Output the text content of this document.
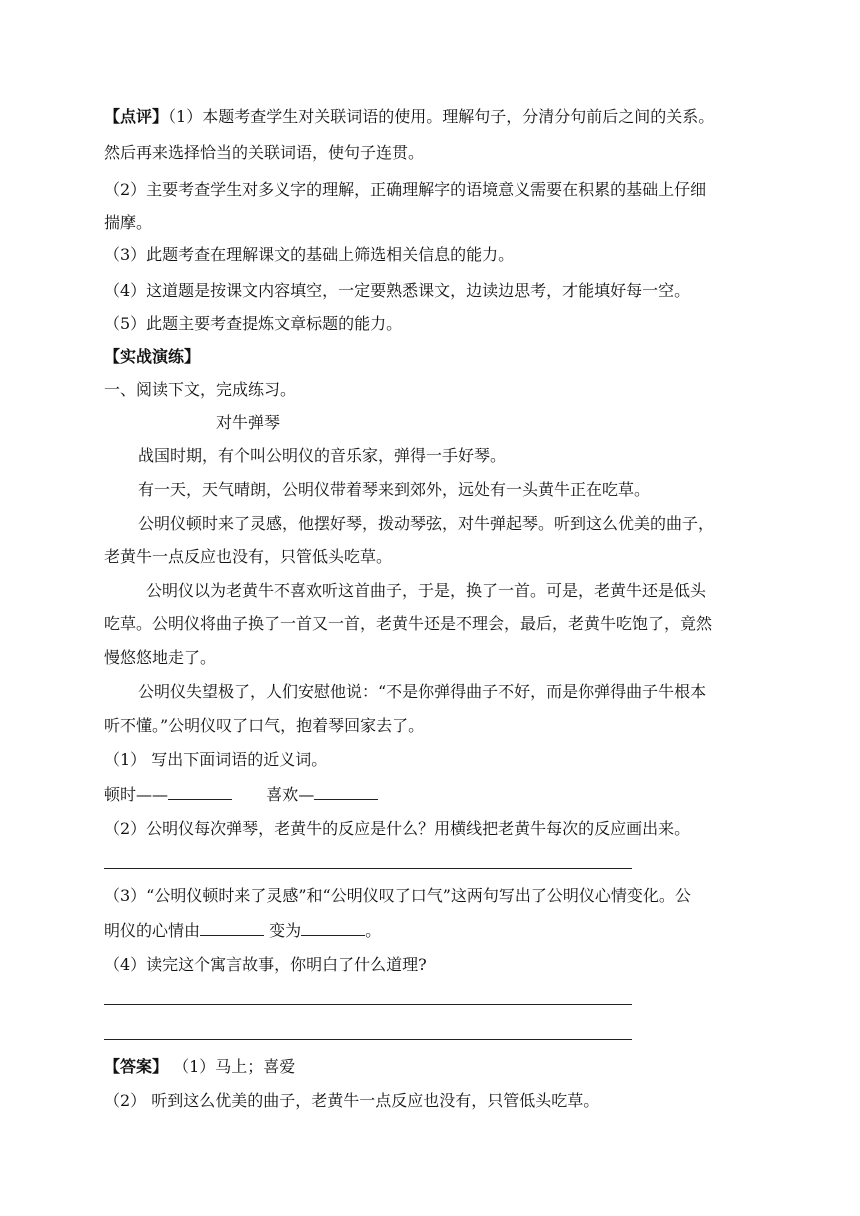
【点评】（1）本题考查学生对关联词语的使用。理解句子，分清分句前后之间的关系。
然后再来选择恰当的关联词语，使句子连贯。
（2）主要考查学生对多义字的理解，正确理解字的语境意义需要在积累的基础上仔细
揣摩。
（3）此题考查在理解课文的基础上筛选相关信息的能力。
（4）这道题是按课文内容填空，一定要熟悉课文，边读边思考，才能填好每一空。
（5）此题主要考查提炼文章标题的能力。
【实战演练】
一、阅读下文，完成练习。
对牛弹琴
战国时期，有个叫公明仪的音乐家，弹得一手好琴。
有一天，天气晴朗，公明仪带着琴来到郊外，远处有一头黄牛正在吃草。
公明仪顿时来了灵感，他摆好琴，拨动琴弦，对牛弹起琴。听到这么优美的曲子，
老黄牛一点反应也没有，只管低头吃草。
公明仪以为老黄牛不喜欢听这首曲子，于是，换了一首。可是，老黄牛还是低头
吃草。公明仪将曲子换了一首又一首，老黄牛还是不理会，最后，老黄牛吃饱了，竟然
慢悠悠地走了。
公明仪失望极了，人们安慰他说：“不是你弹得曲子不好，而是你弹得曲子牛根本
听不懂。”公明仪叹了口气，抱着琴回家去了。
（1） 写出下面词语的近义词。
顿时——	喜欢—
（2）公明仪每次弹琴，老黄牛的反应是什么？用横线把老黄牛每次的反应画出来。
（3）“公明仪顿时来了灵感”和“公明仪叹了口气”这两句写出了公明仪心情变化。公
明仪的心情由	变为	。
（4）读完这个寓言故事，你明白了什么道理?
【答案】 （1）马上；喜爱
（2） 听到这么优美的曲子，老黄牛一点反应也没有，只管低头吃草。
